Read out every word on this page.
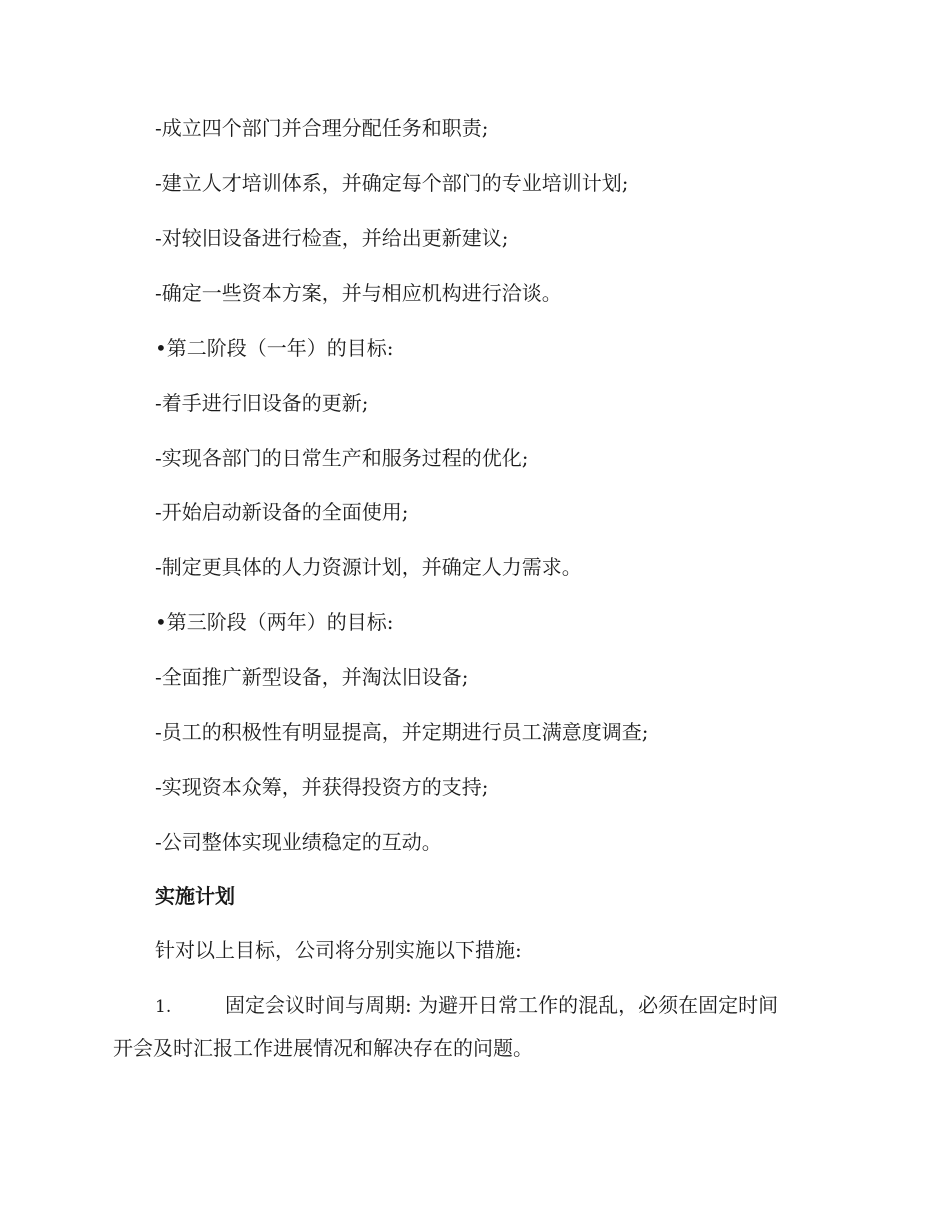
-成立四个部门并合理分配任务和职责;
-建立人才培训体系，并确定每个部门的专业培训计划;
-对较旧设备进行检查，并给出更新建议;
-确定一些资本方案，并与相应机构进行洽谈。
•第二阶段（一年）的目标:
-着手进行旧设备的更新;
-实现各部门的日常生产和服务过程的优化;
-开始启动新设备的全面使用;
-制定更具体的人力资源计划，并确定人力需求。
•第三阶段（两年）的目标:
-全面推广新型设备，并淘汰旧设备;
-员工的积极性有明显提高，并定期进行员工满意度调查;
-实现资本众筹，并获得投资方的支持;
-公司整体实现业绩稳定的互动。
实施计划
针对以上目标，公司将分别实施以下措施:
1.	固定会议时间与周期: 为避开日常工作的混乱，必须在固定时间
开会及时汇报工作进展情况和解决存在的问题。
